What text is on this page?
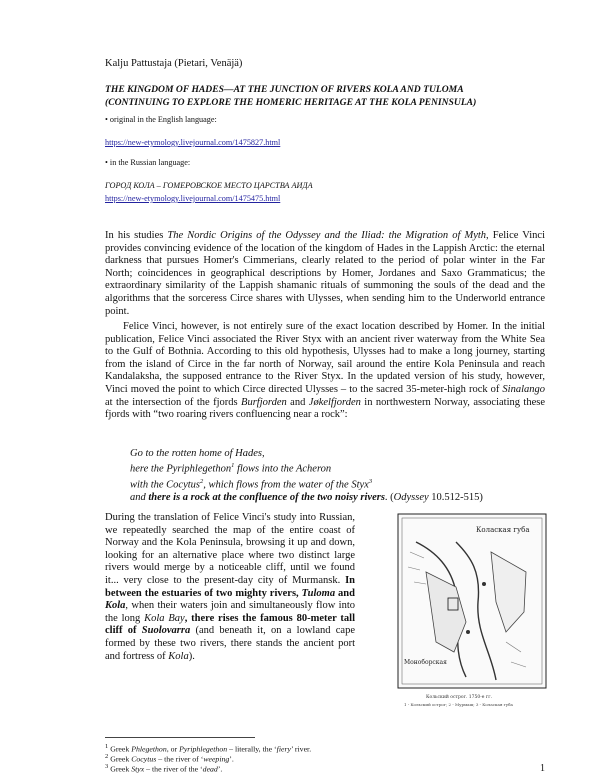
Kalju Pattustaja (Pietari, Venäjä)
THE KINGDOM OF HADES—AT THE JUNCTION OF RIVERS KOLA AND TULOMA
(CONTINUING TO EXPLORE THE HOMERIC HERITAGE AT THE KOLA PENINSULA)
• original in the English language:
https://new-etymology.livejournal.com/1475827.html
• in the Russian language:
ГОРОД КОЛА – ГОМЕРОВСКОЕ МЕСТО ЦАРСТВА АИДА
https://new-etymology.livejournal.com/1475475.html

In his studies The Nordic Origins of the Odyssey and the Iliad: the Migration of Myth, Felice Vinci provides convincing evidence of the location of the kingdom of Hades in the Lappish Arctic: the eternal darkness that pursues Homer's Cimmerians, clearly related to the period of polar winter in the Far North; coincidences in geographical descriptions by Homer, Jordanes and Saxo Grammaticus; the extraordinary similarity of the Lappish shamanic rituals of summoning the souls of the dead and the algorithms that the sorceress Circe shares with Ulysses, when sending him to the Underworld entrance point.

Felice Vinci, however, is not entirely sure of the exact location described by Homer. In the initial publication, Felice Vinci associated the River Styx with an ancient river waterway from the White Sea to the Gulf of Bothnia. According to this old hypothesis, Ulysses had to make a long journey, starting from the island of Circe in the far north of Norway, sail around the entire Kola Peninsula and reach Kandalaksha, the supposed entrance to the River Styx. In the updated version of his study, however, Vinci moved the point to which Circe directed Ulysses – to the sacred 35-meter-high rock of Sinalango at the intersection of the fjords Burfjorden and Jøkelfjorden in northwestern Norway, associating these fjords with “two roaring rivers confluencing near a rock”:

Go to the rotten home of Hades,
here the Pyriphlegethon$^1$ flows into the Acheron
with the Cocytus$^2$, which flows from the water of the Styx$^3$
and there is a rock at the confluence of the two noisy rivers. (Odyssey 10.512-515)
During the translation of Felice Vinci's study into Russian, we repeatedly searched the map of the entire coast of Norway and the Kola Peninsula, browsing it up and down, looking for an alternative place where two distinct large rivers would merge by a noticeable cliff, until we found it... very close to the present-day city of Murmansk. In between the estuaries of two mighty rivers, Tuloma and Kola, when their waters join and simultaneously flow into the long Kola Bay, there rises the famous 80-meter tall cliff of Suolovarra (and beneath it, on a lowland cape formed by these two rivers, there stands the ancient port and fortress of Kola).
Колаская губа
Моноборская
Кольский острог. 1750-е гг.
1 - Кольский острог; 2 - Мурмаш; 3 - Колаская губа
$^1$ Greek Phlegethon, or Pyriphlegethon – literally, the ‘fiery’ river.
$^2$ Greek Cocytus – the river of ‘weeping’.
$^3$ Greek Styx – the river of the ‘dead’.	1
